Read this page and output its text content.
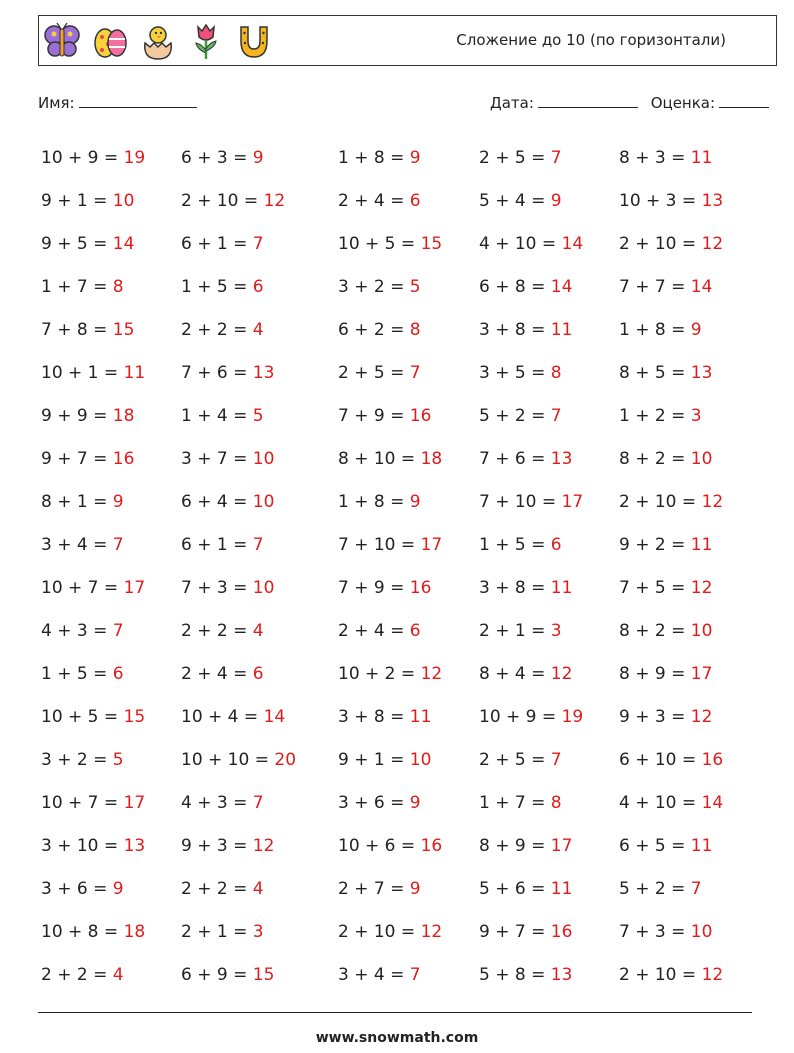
Сложение до 10 (по горизонтали)
Имя:	Дата:	Оценка:
10 + 9 = 19	6 + 3 = 9	1 + 8 = 9	2 + 5 = 7	8 + 3 = 11
9 + 1 = 10	2 + 10 = 12	2 + 4 = 6	5 + 4 = 9	10 + 3 = 13
9 + 5 = 14	6 + 1 = 7	10 + 5 = 15	4 + 10 = 14	2 + 10 = 12
1 + 7 = 8	1 + 5 = 6	3 + 2 = 5	6 + 8 = 14	7 + 7 = 14
7 + 8 = 15	2 + 2 = 4	6 + 2 = 8	3 + 8 = 11	1 + 8 = 9
10 + 1 = 11	7 + 6 = 13	2 + 5 = 7	3 + 5 = 8	8 + 5 = 13
9 + 9 = 18	1 + 4 = 5	7 + 9 = 16	5 + 2 = 7	1 + 2 = 3
9 + 7 = 16	3 + 7 = 10	8 + 10 = 18	7 + 6 = 13	8 + 2 = 10
8 + 1 = 9	6 + 4 = 10	1 + 8 = 9	7 + 10 = 17	2 + 10 = 12
3 + 4 = 7	6 + 1 = 7	7 + 10 = 17	1 + 5 = 6	9 + 2 = 11
10 + 7 = 17	7 + 3 = 10	7 + 9 = 16	3 + 8 = 11	7 + 5 = 12
4 + 3 = 7	2 + 2 = 4	2 + 4 = 6	2 + 1 = 3	8 + 2 = 10
1 + 5 = 6	2 + 4 = 6	10 + 2 = 12	8 + 4 = 12	8 + 9 = 17
10 + 5 = 15	10 + 4 = 14	3 + 8 = 11	10 + 9 = 19	9 + 3 = 12
3 + 2 = 5	10 + 10 = 20	9 + 1 = 10	2 + 5 = 7	6 + 10 = 16
10 + 7 = 17	4 + 3 = 7	3 + 6 = 9	1 + 7 = 8	4 + 10 = 14
3 + 10 = 13	9 + 3 = 12	10 + 6 = 16	8 + 9 = 17	6 + 5 = 11
3 + 6 = 9	2 + 2 = 4	2 + 7 = 9	5 + 6 = 11	5 + 2 = 7
10 + 8 = 18	2 + 1 = 3	2 + 10 = 12	9 + 7 = 16	7 + 3 = 10
2 + 2 = 4	6 + 9 = 15	3 + 4 = 7	5 + 8 = 13	2 + 10 = 12
www.snowmath.com
